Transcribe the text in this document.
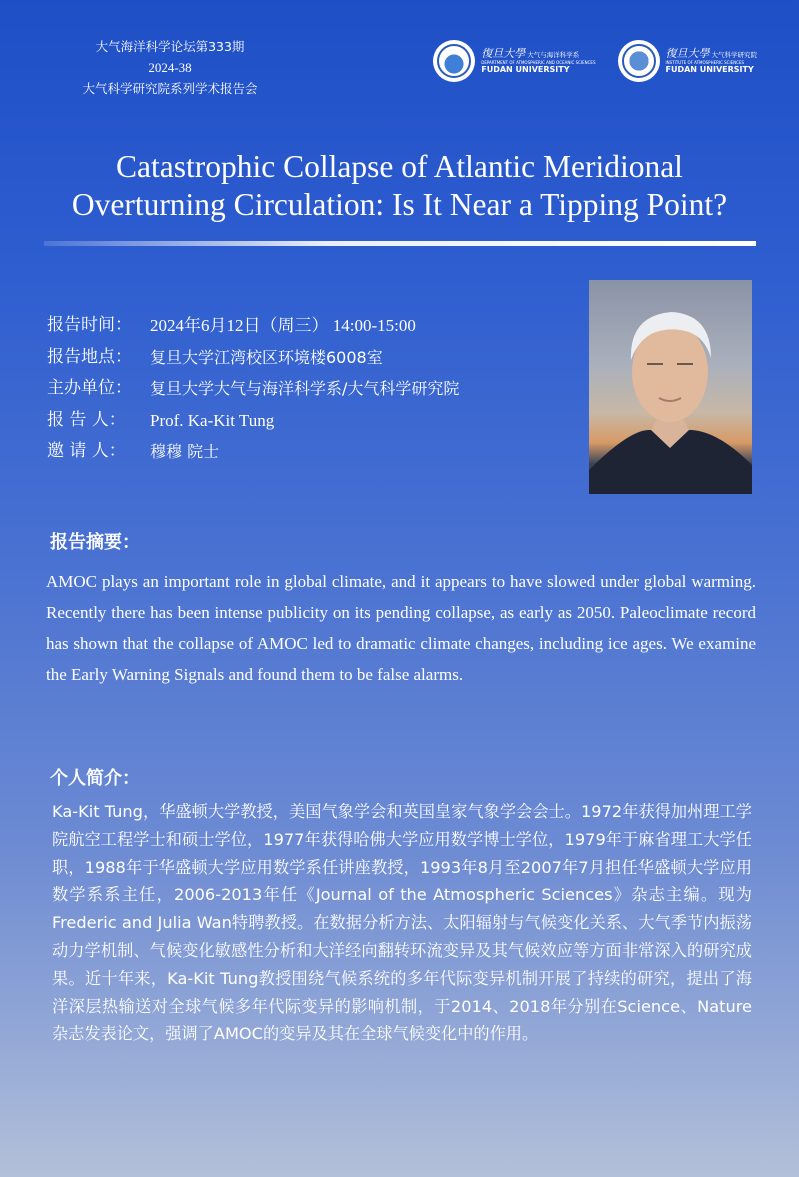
大气海洋科学论坛第333期
2024-38
大气科学研究院系列学术报告会
復旦大學 大气与海洋科学系
DEPARTMENT OF ATMOSPHERIC AND OCEANIC SCIENCES
FUDAN UNIVERSITY
復旦大學 大气科学研究院
INSTITUTE OF ATMOSPHERIC SCIENCES
FUDAN UNIVERSITY
Catastrophic Collapse of Atlantic Meridional
Overturning Circulation: Is It Near a Tipping Point?
报告时间：	2024年6月12日（周三） 14:00-15:00
报告地点：	复旦大学江湾校区环境楼6008室
主办单位：	复旦大学大气与海洋科学系/大气科学研究院
报 告 人：	Prof. Ka-Kit Tung
邀 请 人：	穆穆 院士
报告摘要：
AMOC plays an important role in global climate, and it appears to have slowed under global warming. Recently there has been intense publicity on its pending collapse, as early as 2050. Paleoclimate record has shown that the collapse of AMOC led to dramatic climate changes, including ice ages. We examine the Early Warning Signals and found them to be false alarms.
个人简介：
Ka-Kit Tung，华盛顿大学教授，美国气象学会和英国皇家气象学会会士。1972年获得加州理工学院航空工程学士和硕士学位，1977年获得哈佛大学应用数学博士学位，1979年于麻省理工大学任职，1988年于华盛顿大学应用数学系任讲座教授，1993年8月至2007年7月担任华盛顿大学应用数学系系主任，2006-2013年任《Journal of the Atmospheric Sciences》杂志主编。现为Frederic and Julia Wan特聘教授。在数据分析方法、太阳辐射与气候变化关系、大气季节内振荡动力学机制、气候变化敏感性分析和大洋经向翻转环流变异及其气候效应等方面非常深入的研究成果。近十年来，Ka-Kit Tung教授围绕气候系统的多年代际变异机制开展了持续的研究，提出了海洋深层热输送对全球气候多年代际变异的影响机制，于2014、2018年分别在Science、Nature杂志发表论文，强调了AMOC的变异及其在全球气候变化中的作用。
